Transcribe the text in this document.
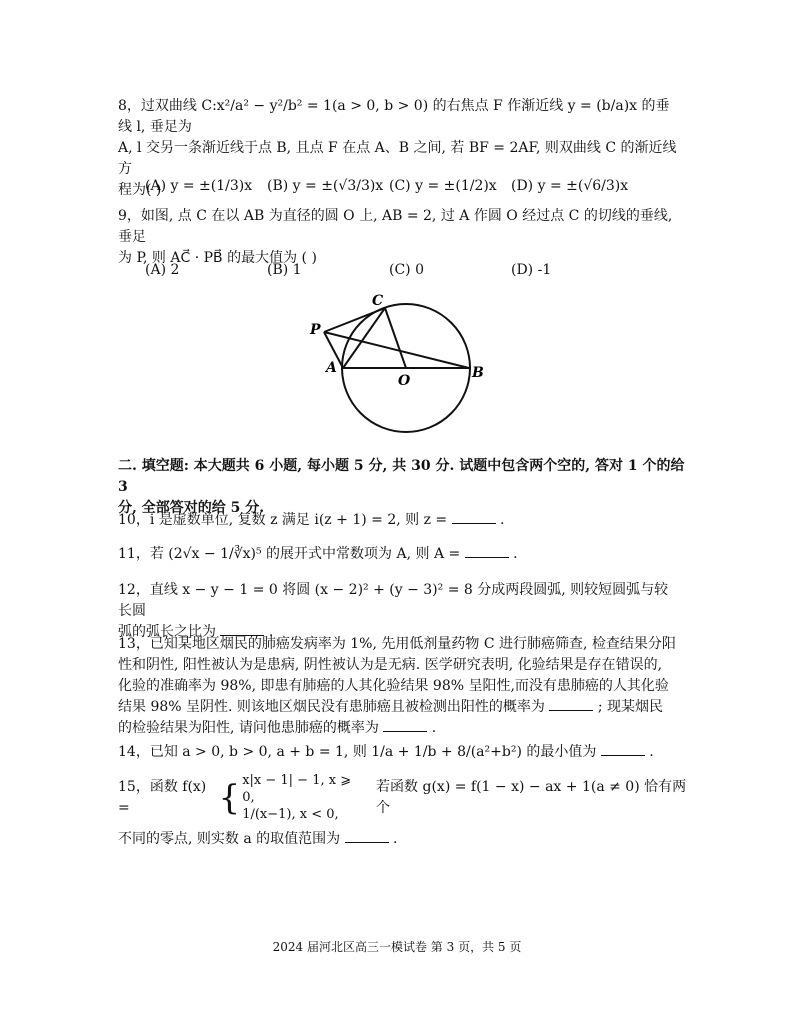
8，过双曲线 C:x²/a² − y²/b² = 1(a > 0, b > 0) 的右焦点 F 作渐近线 y = (b/a)x 的垂线 l, 垂足为

A, l 交另一条渐近线于点 B, 且点 F 在点 A、B 之间, 若 BF = 2AF, 则双曲线 C 的渐近线方

程为( )

(A) y = ±(1/3)x	(B) y = ±(√3/3)x (C) y = ±(1/2)x	(D) y = ±(√6/3)x

9，如图, 点 C 在以 AB 为直径的圆 O 上, AB = 2, 过 A 作圆 O 经过点 C 的切线的垂线,垂足

为 P, 则 AC⃗ · PB⃗ 的最大值为 ( )

(A) 2	(B) 1	(C) 0	(D) -1
P
C
A
O	B

二. 填空题: 本大题共 6 小题, 每小题 5 分, 共 30 分. 试题中包含两个空的, 答对 1 个的给 3

分, 全部答对的给 5 分.

10，i 是虚数单位, 复数 z 满足 i(z + 1) = 2, 则 z =	.

11，若 (2√x − 1/∛x)⁵ 的展开式中常数项为 A, 则 A =	.

12，直线 x − y − 1 = 0 将圆 (x − 2)² + (y − 3)² = 8 分成两段圆弧, 则较短圆弧与较长圆

弧的弧长之比为	.

13，已知某地区烟民的肺癌发病率为 1%, 先用低剂量药物 C 进行肺癌筛查, 检查结果分阳

性和阴性, 阳性被认为是患病, 阴性被认为是无病. 医学研究表明, 化验结果是存在错误的,

化验的准确率为 98%, 即患有肺癌的人其化验结果 98% 呈阳性,而没有患肺癌的人其化验

结果 98% 呈阴性. 则该地区烟民没有患肺癌且被检测出阳性的概率为	; 现某烟民

的检验结果为阳性, 请问他患肺癌的概率为	.

14，已知 a > 0, b > 0, a + b = 1, 则 1/a + 1/b + 8/(a²+b²) 的最小值为	.

15，函数 f(x) =	{ x|x − 1| − 1, x ⩾ 0,
1/(x−1), x < 0,
若函数 g(x) = f(1 − x) − ax + 1(a ≠ 0) 恰有两个

不同的零点, 则实数 a 的取值范围为	.

2024 届河北区高三一模试卷 第 3 页，共 5 页
